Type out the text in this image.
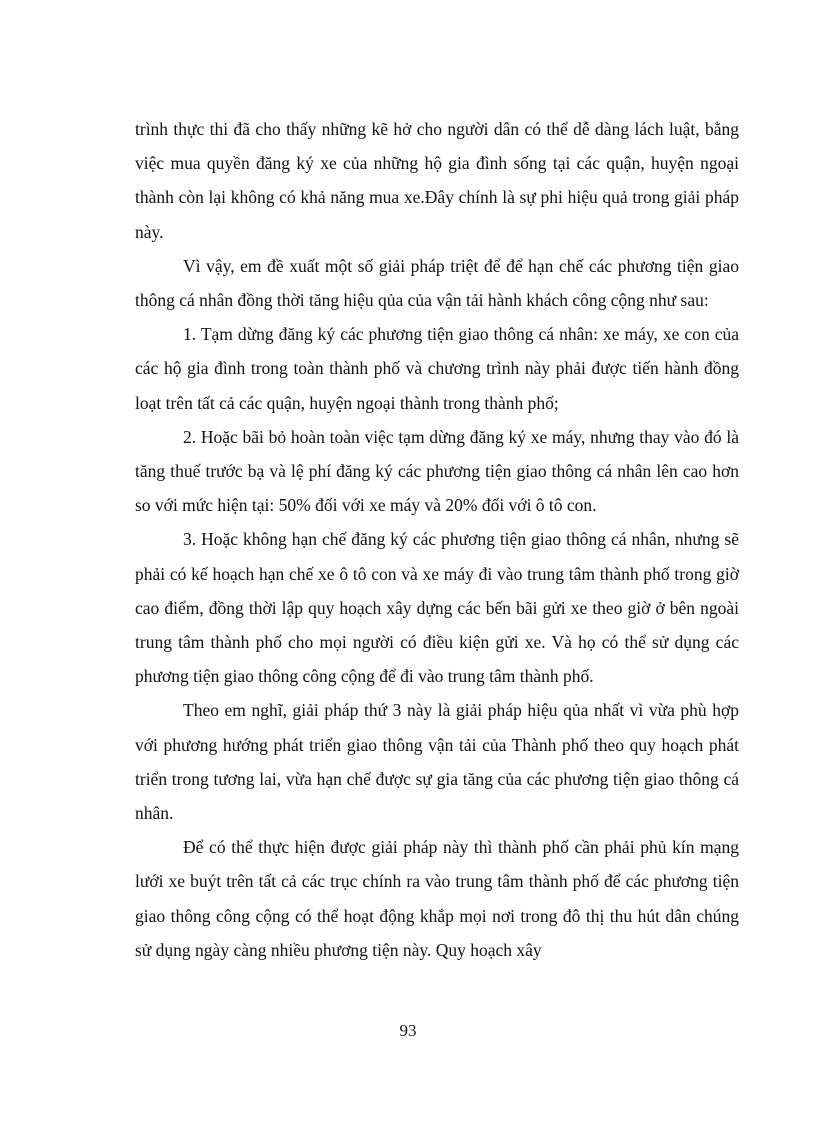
trình thực thi đã cho thấy những kẽ hở cho người dân có thể dễ dàng lách luật, bằng việc mua quyền đăng ký xe của những hộ gia đình sống tại các quận, huyện ngoại thành còn lại không có khả năng mua xe.Đây chính là sự phi hiệu quả trong giải pháp này.

Vì vậy, em đề xuất một số giải pháp triệt để để hạn chế các phương tiện giao thông cá nhân đồng thời tăng hiệu qủa của vận tải hành khách công cộng như sau:

1. Tạm dừng đăng ký các phương tiện giao thông cá nhân: xe máy, xe con của các hộ gia đình trong toàn thành phố và chương trình này phải được tiến hành đồng loạt trên tất cả các quận, huyện ngoại thành trong thành phố;

2. Hoặc bãi bỏ hoàn toàn việc tạm dừng đăng ký xe máy, nhưng thay vào đó là tăng thuế trước bạ và lệ phí đăng ký các phương tiện giao thông cá nhân lên cao hơn so với mức hiện tại: 50% đối với xe máy và 20% đối với ô tô con.

3. Hoặc không hạn chế đăng ký các phương tiện giao thông cá nhân, nhưng sẽ phải có kế hoạch hạn chế xe ô tô con và xe máy đi vào trung tâm thành phố trong giờ cao điểm, đồng thời lập quy hoạch xây dựng các bến bãi gửi xe theo giờ ở bên ngoài trung tâm thành phố cho mọi người có điều kiện gửi xe. Và họ có thể sử dụng các phương tiện giao thông công cộng để đi vào trung tâm thành phố.

Theo em nghĩ, giải pháp thứ 3 này là giải pháp hiệu qủa nhất vì vừa phù hợp với phương hướng phát triển giao thông vận tải của Thành phố theo quy hoạch phát triển trong tương lai, vừa hạn chế được sự gia tăng của các phương tiện giao thông cá nhân.

Để có thể thực hiện được giải pháp này thì thành phố cần phải phủ kín mạng lưới xe buýt trên tất cả các trục chính ra vào trung tâm thành phố để các phương tiện giao thông công cộng có thể hoạt động khắp mọi nơi trong đô thị thu hút dân chúng sử dụng ngày càng nhiều phương tiện này. Quy hoạch xây

93
